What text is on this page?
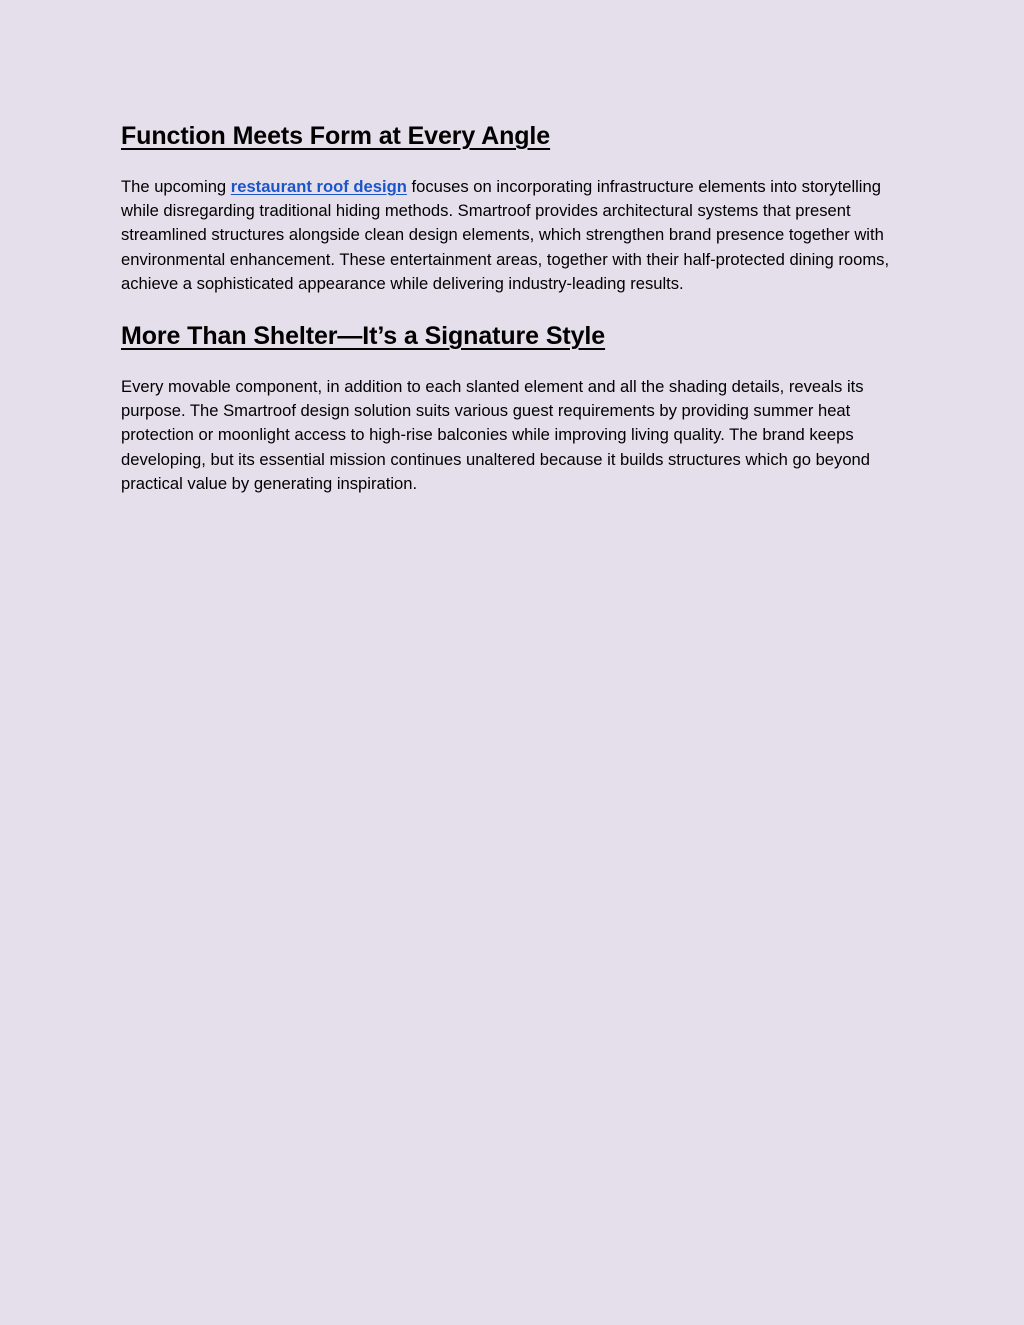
Function Meets Form at Every Angle

The upcoming restaurant roof design focuses on incorporating infrastructure elements into storytelling while disregarding traditional hiding methods. Smartroof provides architectural systems that present streamlined structures alongside clean design elements, which strengthen brand presence together with environmental enhancement. These entertainment areas, together with their half-protected dining rooms, achieve a sophisticated appearance while delivering industry-leading results.

More Than Shelter—It’s a Signature Style

Every movable component, in addition to each slanted element and all the shading details, reveals its purpose. The Smartroof design solution suits various guest requirements by providing summer heat protection or moonlight access to high-rise balconies while improving living quality. The brand keeps developing, but its essential mission continues unaltered because it builds structures which go beyond practical value by generating inspiration.
